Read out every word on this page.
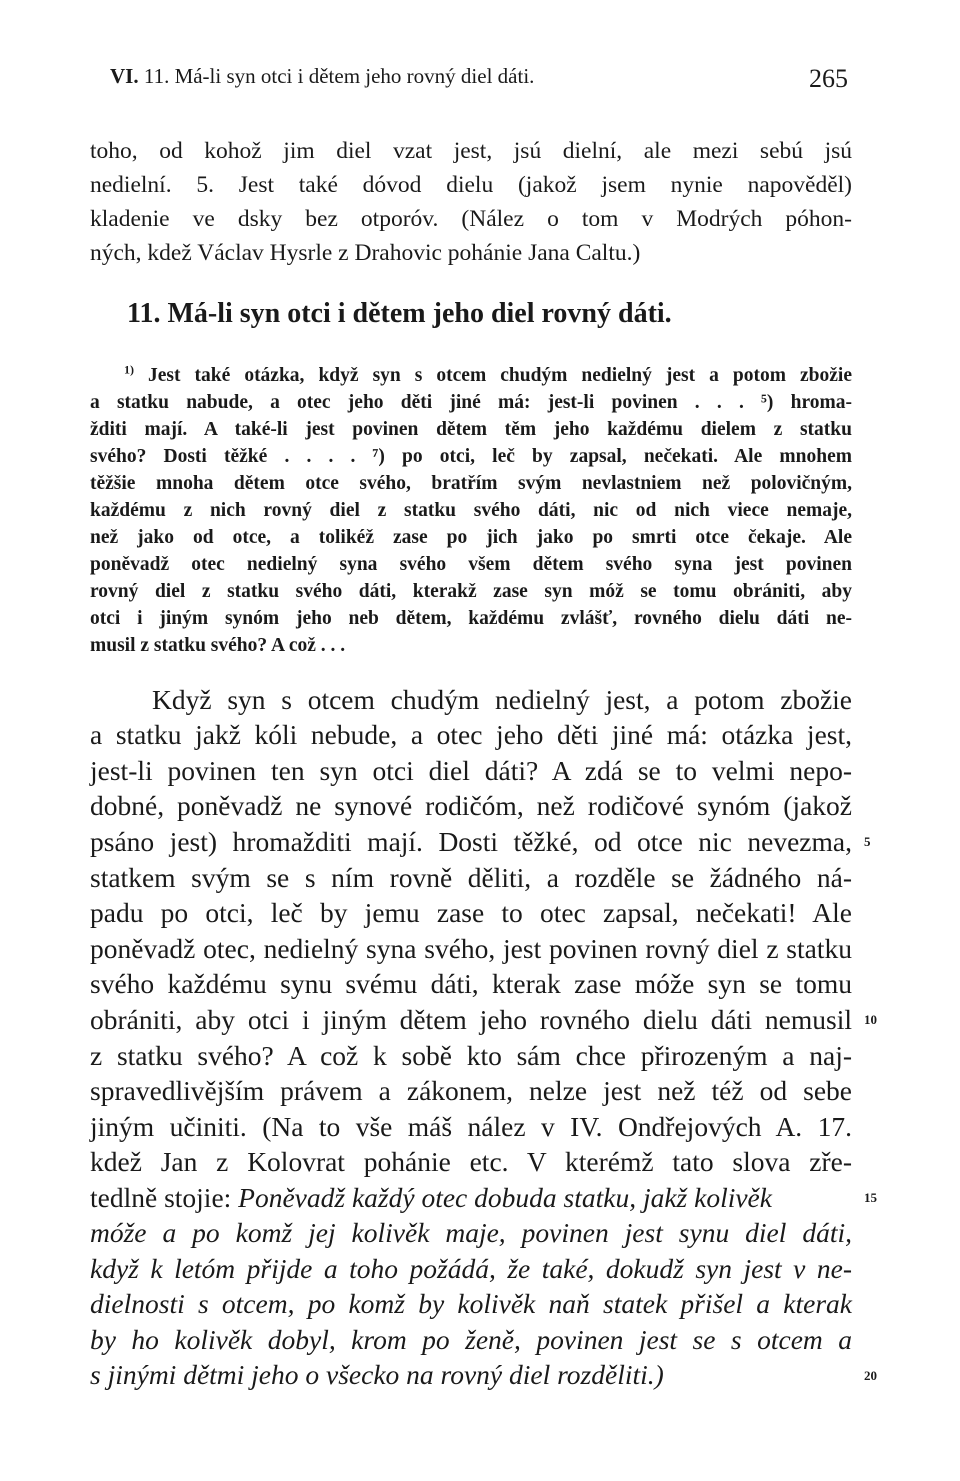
VI. 11. Má-li syn otci i dětem jeho rovný diel dáti.	265
toho, od kohož jim diel vzat jest, jsú dielní, ale mezi sebú jsú
nedielní. 5. Jest také dóvod dielu (jakož jsem nynie napověděl)
kladenie ve dsky bez otporóv. (Nález o tom v Modrých póhon-
ných, kdež Václav Hysrle z Drahovic pohánie Jana Caltu.)
11. Má-li syn otci i dětem jeho diel rovný dáti.
$^{1)}$ Jest také otázka, když syn s otcem chudým nedielný jest a potom zbožie
a statku nabude, a otec jeho děti jiné má: jest-li povinen . . . ⁵) hroma-
žditi mají. A také-li jest povinen dětem těm jeho každému dielem z statku
svého? Dosti těžké . . . . ⁷) po otci, leč by zapsal, nečekati. Ale mnohem
těžšie mnoha dětem otce svého, bratřím svým nevlastniem než polovičným,
každému z nich rovný diel z statku svého dáti, nic od nich viece nemaje,
než jako od otce, a tolikéž zase po jich jako po smrti otce čekaje. Ale
poněvadž otec nedielný syna svého všem dětem svého syna jest povinen
rovný diel z statku svého dáti, kterakž zase syn móž se tomu obrániti, aby
otci i jiným synóm jeho neb dětem, každému zvlášť, rovného dielu dáti ne-
musil z statku svého? A což . . .
Když syn s otcem chudým nedielný jest, a potom zbožie
a statku jakž kóli nebude, a otec jeho děti jiné má: otázka jest,
jest-li povinen ten syn otci diel dáti? A zdá se to velmi nepo-
dobné, poněvadž ne synové rodičóm, než rodičové synóm (jakož
psáno jest) hromažditi mají. Dosti těžké, od otce nic nevezma, 5
statkem svým se s ním rovně děliti, a rozděle se žádného ná-
padu po otci, leč by jemu zase to otec zapsal, nečekati! Ale
poněvadž otec, nedielný syna svého, jest povinen rovný diel z statku
svého každému synu svému dáti, kterak zase móže syn se tomu
obrániti, aby otci i jiným dětem jeho rovného dielu dáti nemusil 10
z statku svého? A což k sobě kto sám chce přirozeným a naj-
spravedlivějším právem a zákonem, nelze jest než též od sebe
jiným učiniti. (Na to vše máš nález v IV. Ondřejových A. 17.
kdež Jan z Kolovrat pohánie etc. V kterémž tato slova zře-
tedlně stojie: Poněvadž každý otec dobuda statku, jakž kolivěk	15
móže a po komž jej kolivěk maje, povinen jest synu diel dáti,
když k letóm přijde a toho požádá, že také, dokudž syn jest v ne-
dielnosti s otcem, po komž by kolivěk naň statek přišel a kterak
by ho kolivěk dobyl, krom po ženě, povinen jest se s otcem a
s jinými dětmi jeho o všecko na rovný diel rozděliti.)	20
